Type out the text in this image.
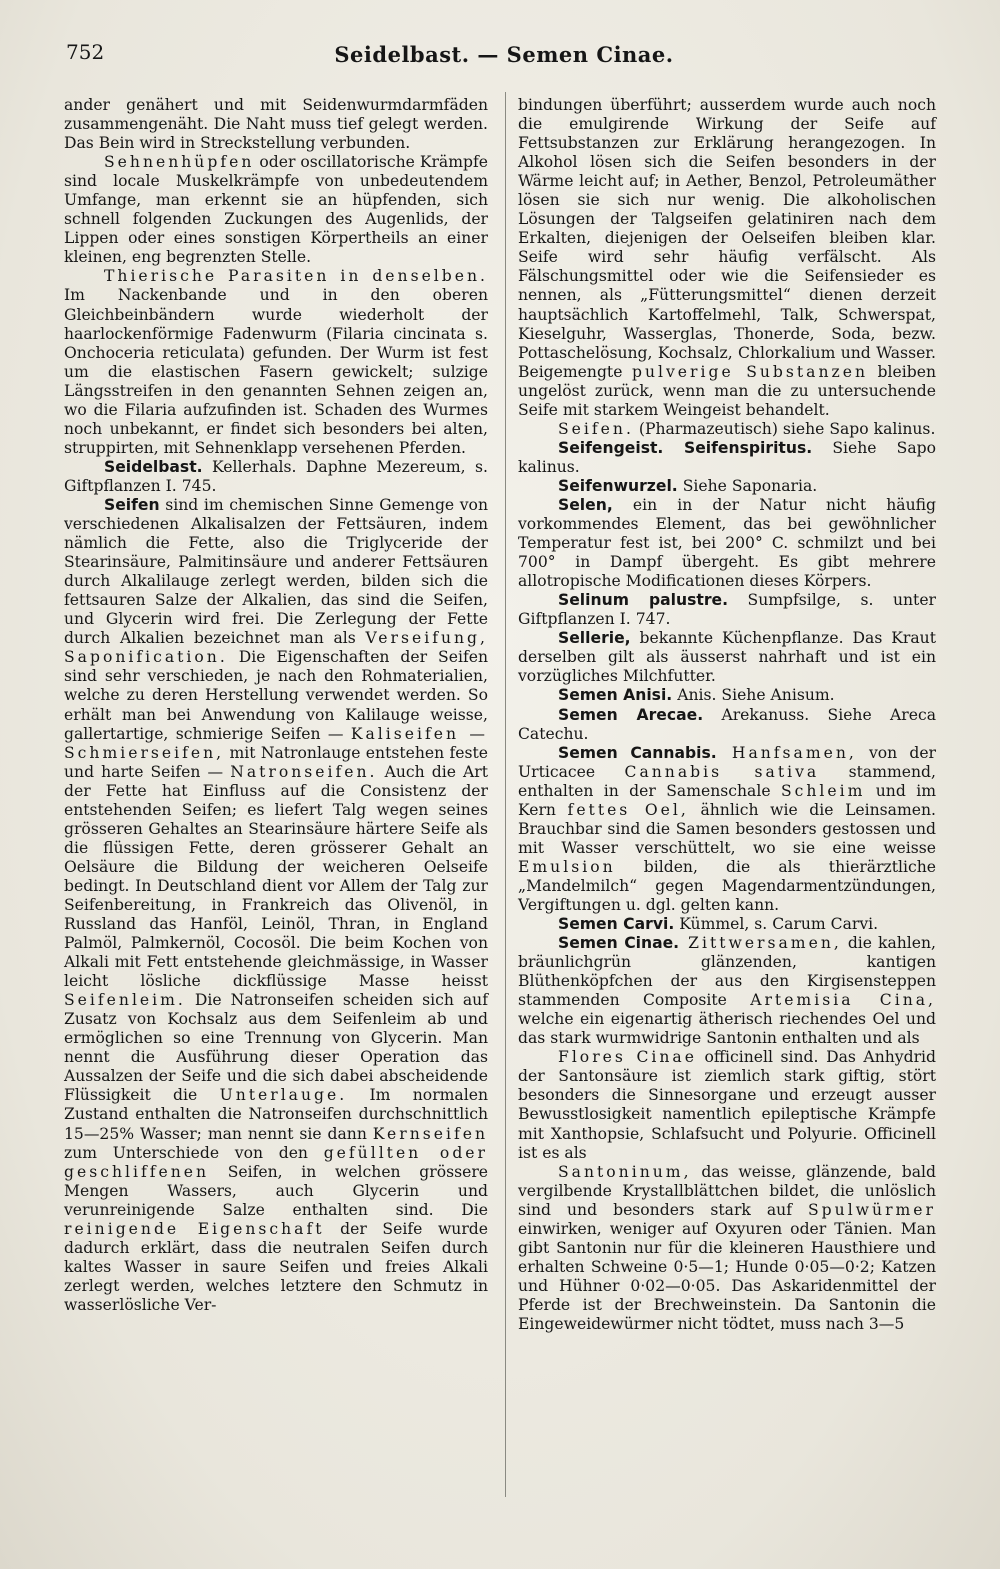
752	Seidelbast. — Semen Cinae.

ander genähert und mit Seidenwurmdarmfäden zusammengenäht. Die Naht muss tief gelegt werden. Das Bein wird in Streckstellung verbunden.

Sehnenhüpfen oder oscillatorische Krämpfe sind locale Muskelkrämpfe von unbedeutendem Umfange, man erkennt sie an hüpfenden, sich schnell folgenden Zuckungen des Augenlids, der Lippen oder eines sonstigen Körpertheils an einer kleinen, eng begrenzten Stelle.

Thierische Parasiten in denselben. Im Nackenbande und in den oberen Gleichbeinbändern wurde wiederholt der haarlockenförmige Fadenwurm (Filaria cincinata s. Onchoceria reticulata) gefunden. Der Wurm ist fest um die elastischen Fasern gewickelt; sulzige Längsstreifen in den genannten Sehnen zeigen an, wo die Filaria aufzufinden ist. Schaden des Wurmes noch unbekannt, er findet sich besonders bei alten, struppirten, mit Sehnenklapp versehenen Pferden.

Seidelbast. Kellerhals. Daphne Mezereum, s. Giftpflanzen I. 745.

Seifen sind im chemischen Sinne Gemenge von verschiedenen Alkalisalzen der Fettsäuren, indem nämlich die Fette, also die Triglyceride der Stearinsäure, Palmitinsäure und anderer Fettsäuren durch Alkalilauge zerlegt werden, bilden sich die fettsauren Salze der Alkalien, das sind die Seifen, und Glycerin wird frei. Die Zerlegung der Fette durch Alkalien bezeichnet man als Verseifung, Saponification. Die Eigenschaften der Seifen sind sehr verschieden, je nach den Rohmaterialien, welche zu deren Herstellung verwendet werden. So erhält man bei Anwendung von Kalilauge weisse, gallertartige, schmierige Seifen — Kaliseifen — Schmierseifen, mit Natronlauge entstehen feste und harte Seifen — Natronseifen. Auch die Art der Fette hat Einfluss auf die Consistenz der entstehenden Seifen; es liefert Talg wegen seines grösseren Gehaltes an Stearinsäure härtere Seife als die flüssigen Fette, deren grösserer Gehalt an Oelsäure die Bildung der weicheren Oelseife bedingt. In Deutschland dient vor Allem der Talg zur Seifenbereitung, in Frankreich das Olivenöl, in Russland das Hanföl, Leinöl, Thran, in England Palmöl, Palmkernöl, Cocosöl. Die beim Kochen von Alkali mit Fett entstehende gleichmässige, in Wasser leicht lösliche dickflüssige Masse heisst Seifenleim. Die Natronseifen scheiden sich auf Zusatz von Kochsalz aus dem Seifenleim ab und ermöglichen so eine Trennung von Glycerin. Man nennt die Ausführung dieser Operation das Aussalzen der Seife und die sich dabei abscheidende Flüssigkeit die Unterlauge. Im normalen Zustand enthalten die Natronseifen durchschnittlich 15—25% Wasser; man nennt sie dann Kernseifen zum Unterschiede von den gefüllten oder geschliffenen Seifen, in welchen grössere Mengen Wassers, auch Glycerin und verunreinigende Salze enthalten sind. Die reinigende Eigenschaft der Seife wurde dadurch erklärt, dass die neutralen Seifen durch kaltes Wasser in saure Seifen und freies Alkali zerlegt werden, welches letztere den Schmutz in wasserlösliche Ver-

bindungen überführt; ausserdem wurde auch noch die emulgirende Wirkung der Seife auf Fettsubstanzen zur Erklärung herangezogen. In Alkohol lösen sich die Seifen besonders in der Wärme leicht auf; in Aether, Benzol, Petroleumäther lösen sie sich nur wenig. Die alkoholischen Lösungen der Talgseifen gelatiniren nach dem Erkalten, diejenigen der Oelseifen bleiben klar. Seife wird sehr häufig verfälscht. Als Fälschungsmittel oder wie die Seifensieder es nennen, als „Fütterungsmittel“ dienen derzeit hauptsächlich Kartoffelmehl, Talk, Schwerspat, Kieselguhr, Wasserglas, Thonerde, Soda, bezw. Pottaschelösung, Kochsalz, Chlorkalium und Wasser. Beigemengte pulverige Substanzen bleiben ungelöst zurück, wenn man die zu untersuchende Seife mit starkem Weingeist behandelt.

Seifen. (Pharmazeutisch) siehe Sapo kalinus.

Seifengeist. Seifenspiritus. Siehe Sapo kalinus.

Seifenwurzel. Siehe Saponaria.

Selen, ein in der Natur nicht häufig vorkommendes Element, das bei gewöhnlicher Temperatur fest ist, bei 200° C. schmilzt und bei 700° in Dampf übergeht. Es gibt mehrere allotropische Modificationen dieses Körpers.

Selinum palustre. Sumpfsilge, s. unter Giftpflanzen I. 747.

Sellerie, bekannte Küchenpflanze. Das Kraut derselben gilt als äusserst nahrhaft und ist ein vorzügliches Milchfutter.

Semen Anisi. Anis. Siehe Anisum.

Semen Arecae. Arekanuss. Siehe Areca Catechu.

Semen Cannabis. Hanfsamen, von der Urticacee Cannabis sativa stammend, enthalten in der Samenschale Schleim und im Kern fettes Oel, ähnlich wie die Leinsamen. Brauchbar sind die Samen besonders gestossen und mit Wasser verschüttelt, wo sie eine weisse Emulsion bilden, die als thierärztliche „Mandelmilch“ gegen Magendarmentzündungen, Vergiftungen u. dgl. gelten kann.

Semen Carvi. Kümmel, s. Carum Carvi.

Semen Cinae. Zittwersamen, die kahlen, bräunlichgrün glänzenden, kantigen Blüthenköpfchen der aus den Kirgisensteppen stammenden Composite Artemisia Cina, welche ein eigenartig ätherisch riechendes Oel und das stark wurmwidrige Santonin enthalten und als

Flores Cinae officinell sind. Das Anhydrid der Santonsäure ist ziemlich stark giftig, stört besonders die Sinnesorgane und erzeugt ausser Bewusstlosigkeit namentlich epileptische Krämpfe mit Xanthopsie, Schlafsucht und Polyurie. Officinell ist es als

Santoninum, das weisse, glänzende, bald vergilbende Krystallblättchen bildet, die unlöslich sind und besonders stark auf Spulwürmer einwirken, weniger auf Oxyuren oder Tänien. Man gibt Santonin nur für die kleineren Hausthiere und erhalten Schweine 0·5—1; Hunde 0·05—0·2; Katzen und Hühner 0·02—0·05. Das Askaridenmittel der Pferde ist der Brechweinstein. Da Santonin die Eingeweidewürmer nicht tödtet, muss nach 3—5
